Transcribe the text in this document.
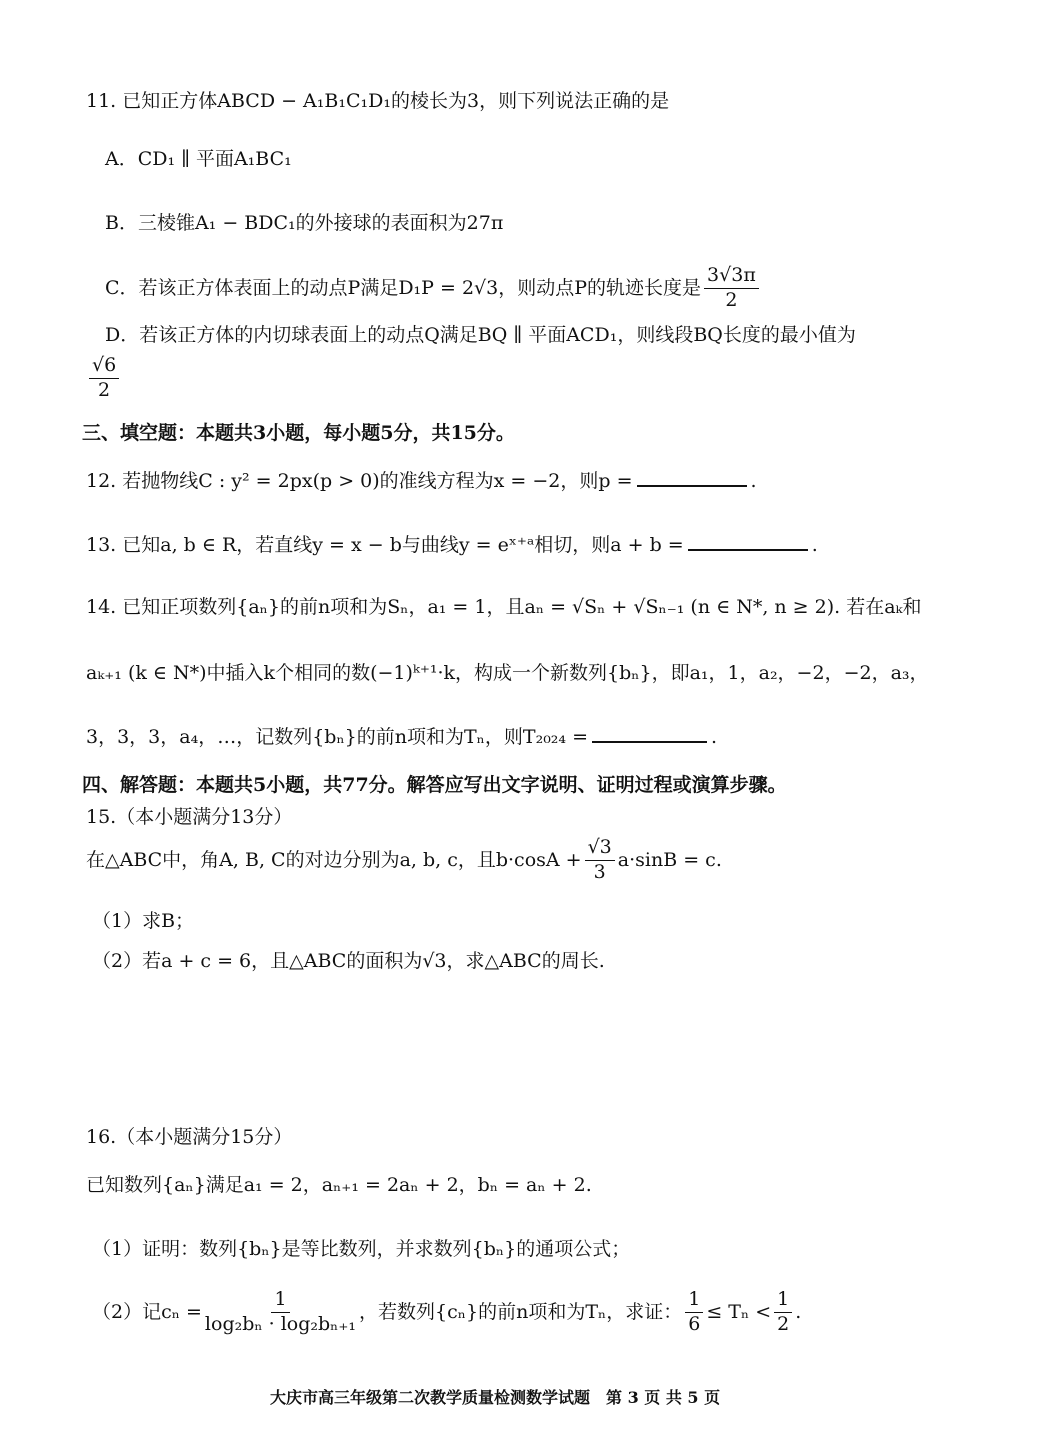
11. 已知正方体ABCD − A₁B₁C₁D₁的棱长为3，则下列说法正确的是
A．CD₁ ∥ 平面A₁BC₁
B．三棱锥A₁ − BDC₁的外接球的表面积为27π
C．若该正方体表面上的动点P满足D₁P = 2√3，则动点P的轨迹长度是 $\frac{3√3\pi}{2}$
D．若该正方体的内切球表面上的动点Q满足BQ ∥ 平面ACD₁，则线段BQ长度的最小值为
$\frac{√6}{2}$
三、填空题：本题共3小题，每小题5分，共15分。
12. 若抛物线C : y² = 2px(p > 0)的准线方程为x = −2，则p =	.
13. 已知a, b ∈ R，若直线y = x − b与曲线y = eˣ⁺ᵃ相切，则a + b =	.
14. 已知正项数列{aₙ}的前n项和为Sₙ，a₁ = 1，且aₙ = √Sₙ + √Sₙ₋₁ (n ∈ N*, n ≥ 2). 若在aₖ和
aₖ₊₁ (k ∈ N*)中插入k个相同的数(−1)ᵏ⁺¹·k，构成一个新数列{bₙ}，即a₁，1，a₂，−2，−2，a₃，
3，3，3，a₄，…，记数列{bₙ}的前n项和为Tₙ，则T₂₀₂₄ =	.
四、解答题：本题共5小题，共77分。解答应写出文字说明、证明过程或演算步骤。
15.（本小题满分13分）
在△ABC中，角A, B, C的对边分别为a, b, c，且$b\cdot\cos A + \frac{√3}{3} a\cdot\sin B = c$.
（1）求B；
（2）若a + c = 6，且△ABC的面积为√3，求△ABC的周长.
16.（本小题满分15分）
已知数列{aₙ}满足a₁ = 2，aₙ₊₁ = 2aₙ + 2，bₙ = aₙ + 2.
（1）证明：数列{bₙ}是等比数列，并求数列{bₙ}的通项公式；
（2）记$c_n = \frac{1}{\text{log₂bₙ · log₂bₙ₊₁}}$ ，若数列{cₙ}的前n项和为Tₙ，求证： $\frac{1}{6} \le T_n < \frac{1}{2}$ .
大庆市高三年级第二次教学质量检测数学试题　第 3 页 共 5 页
